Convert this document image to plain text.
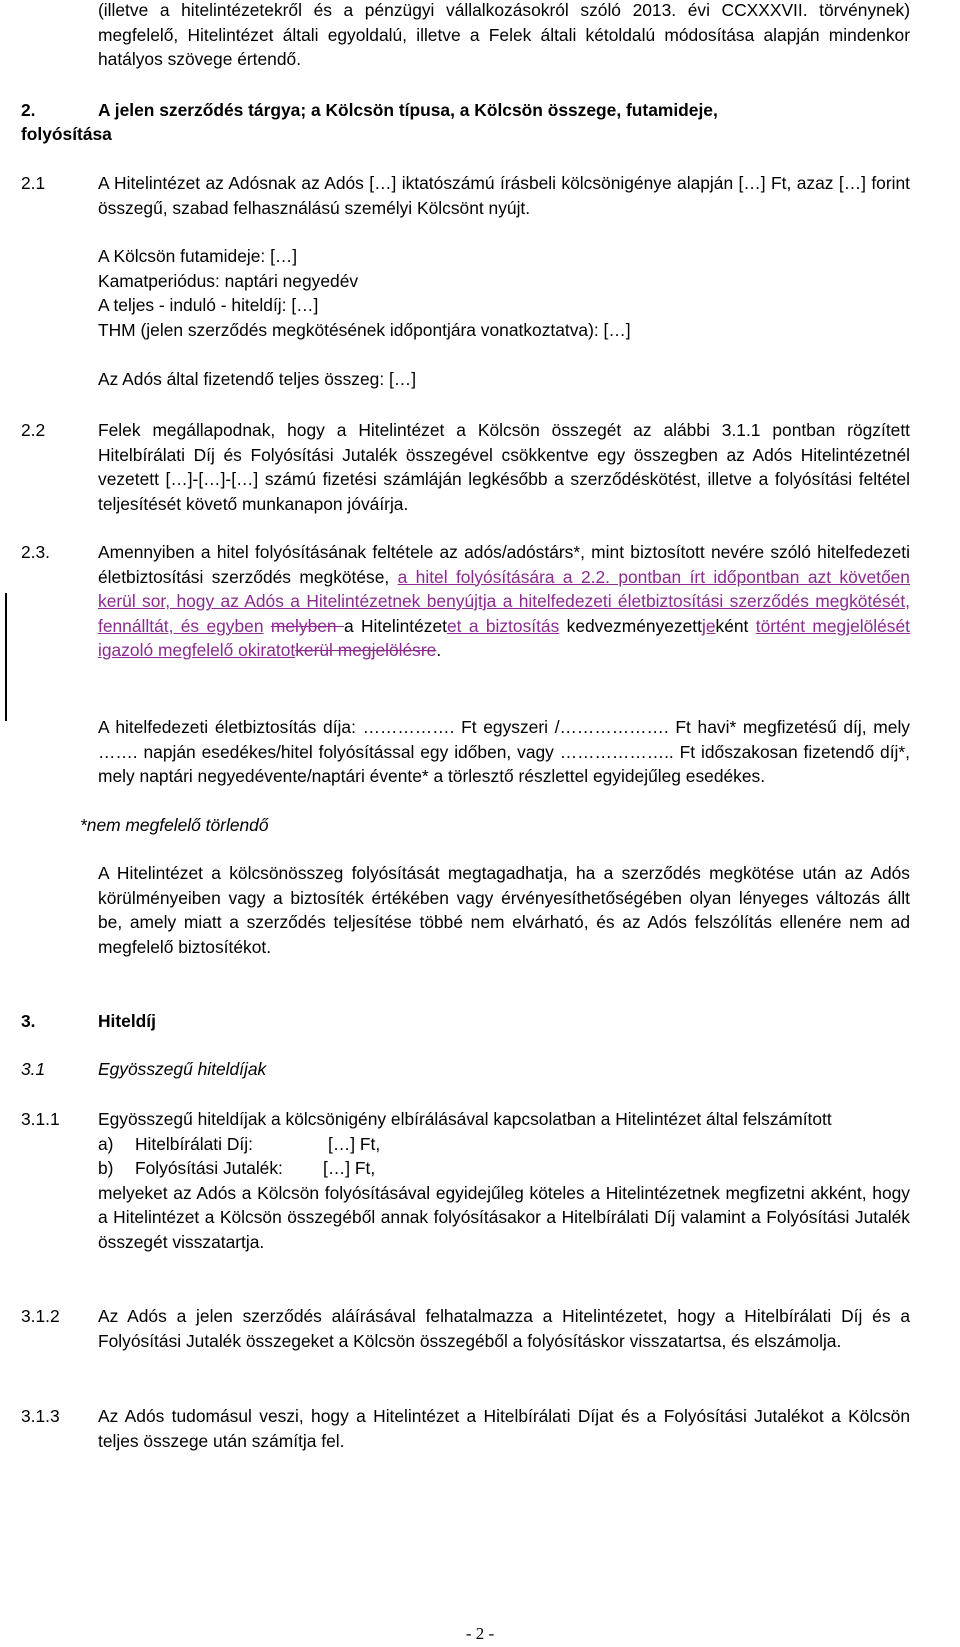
(illetve a hitelintézetekről és a pénzügyi vállalkozásokról szóló 2013. évi CCXXXVII. törvénynek) megfelelő, Hitelintézet általi egyoldalú, illetve a Felek általi kétoldalú módosítása alapján mindenkor hatályos szövege értendő.
2.	A jelen szerződés tárgya; a Kölcsön típusa, a Kölcsön összege, futamideje,
folyósítása
2.1	A Hitelintézet az Adósnak az Adós […] iktatószámú írásbeli kölcsönigénye alapján […] Ft, azaz […] forint összegű, szabad felhasználású személyi Kölcsönt nyújt.

A Kölcsön futamideje: […]

Kamatperiódus: naptári negyedév

A teljes - induló - hiteldíj: […]

THM (jelen szerződés megkötésének időpontjára vonatkoztatva): […]

Az Adós által fizetendő teljes összeg: […]
2.2	Felek megállapodnak, hogy a Hitelintézet a Kölcsön összegét az alábbi 3.1.1 pontban rögzített Hitelbírálati Díj és Folyósítási Jutalék összegével csökkentve egy összegben az Adós Hitelintézetnél vezetett […]-[…]-[…] számú fizetési számláján legkésőbb a szerződéskötést, illetve a folyósítási feltétel teljesítését követő munkanapon jóváírja.
2.3.	Amennyiben a hitel folyósításának feltétele az adós/adóstárs*, mint biztosított nevére szóló hitelfedezeti életbiztosítási szerződés megkötése, a hitel folyósítására a 2.2. pontban írt időpontban azt követően kerül sor, hogy az Adós a Hitelintézetnek benyújtja a hitelfedezeti életbiztosítási szerződés megkötését, fennálltát, és egyben melyben a Hitelintézetet a biztosítás kedvezményezettjeként történt megjelölését igazoló megfelelő okiratotkerül megjelölésre.
A hitelfedezeti életbiztosítás díja: ……………. Ft egyszeri /………………. Ft havi* megfizetésű díj, mely ……. napján esedékes/hitel folyósítással egy időben, vagy ……………….. Ft időszakosan fizetendő díj*, mely naptári negyedévente/naptári évente* a törlesztő részlettel egyidejűleg esedékes.
*nem megfelelő törlendő
A Hitelintézet a kölcsönösszeg folyósítását megtagadhatja, ha a szerződés megkötése után az Adós körülményeiben vagy a biztosíték értékében vagy érvényesíthetőségében olyan lényeges változás állt be, amely miatt a szerződés teljesítése többé nem elvárható, és az Adós felszólítás ellenére nem ad megfelelő biztosítékot.
3.	Hiteldíj
3.1	Egyösszegű hiteldíjak
3.1.1 Egyösszegű hiteldíjak a kölcsönigény elbírálásával kapcsolatban a Hitelintézet által felszámított

a) Hitelbírálati Díj:	[…] Ft,

b) Folyósítási Jutalék: […] Ft,

melyeket az Adós a Kölcsön folyósításával egyidejűleg köteles a Hitelintézetnek megfizetni akként, hogy a Hitelintézet a Kölcsön összegéből annak folyósításakor a Hitelbírálati Díj valamint a Folyósítási Jutalék összegét visszatartja.

3.1.2 Az Adós a jelen szerződés aláírásával felhatalmazza a Hitelintézetet, hogy a Hitelbírálati Díj és a Folyósítási Jutalék összegeket a Kölcsön összegéből a folyósításkor visszatartsa, és elszámolja.
3.1.3 Az Adós tudomásul veszi, hogy a Hitelintézet a Hitelbírálati Díjat és a Folyósítási Jutalékot a Kölcsön teljes összege után számítja fel.
- 2 -
